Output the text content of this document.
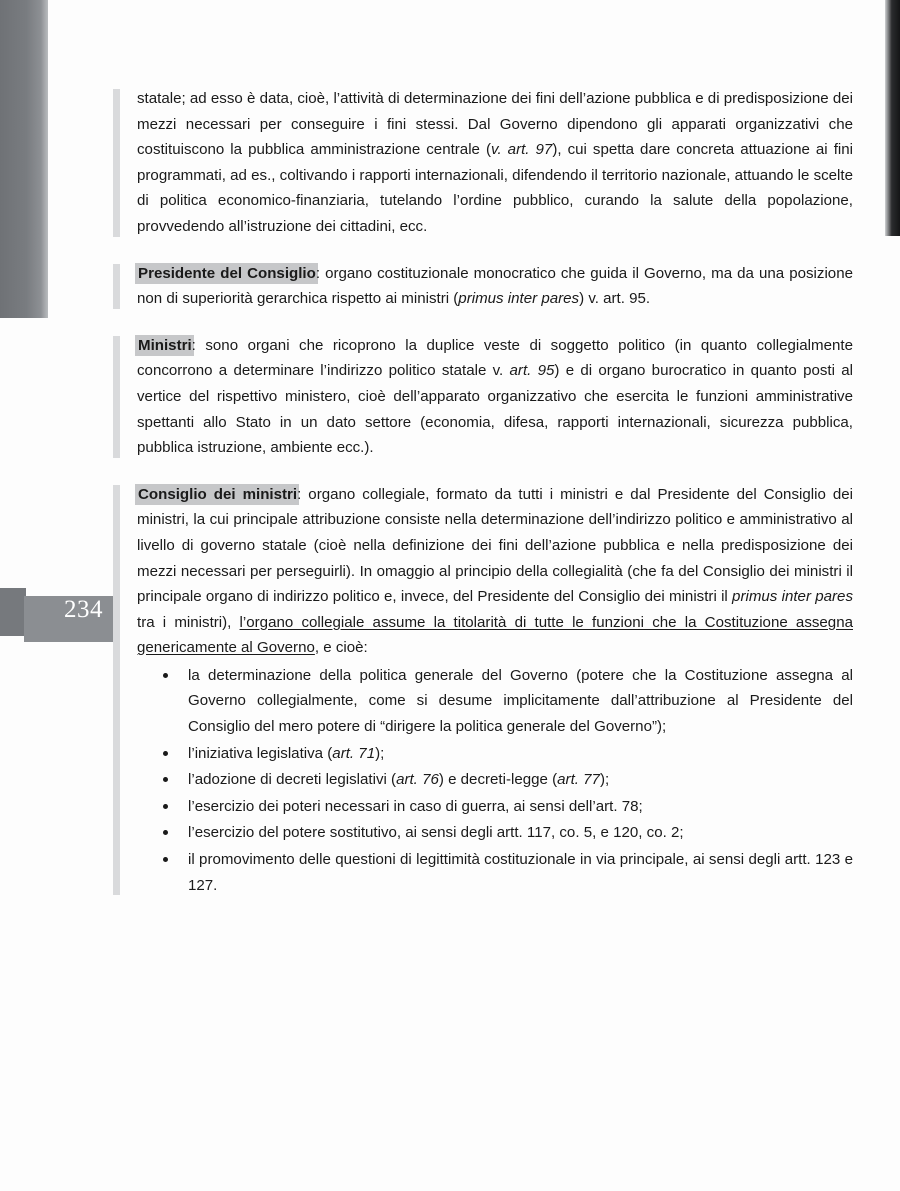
234
statale; ad esso è data, cioè, l’attività di determinazione dei fini dell’azione pubblica e di predisposizione dei mezzi necessari per conseguire i fini stessi. Dal Governo dipendono gli apparati organizzativi che costituiscono la pubblica amministrazione centrale (v. art. 97), cui spetta dare concreta attuazione ai fini programmati, ad es., coltivando i rapporti internazionali, difendendo il territorio nazionale, attuando le scelte di politica economico-finanziaria, tutelando l’ordine pubblico, curando la salute della popolazione, provvedendo all’istruzione dei cittadini, ecc.
Presidente del Consiglio: organo costituzionale monocratico che guida il Governo, ma da una posizione non di superiorità gerarchica rispetto ai ministri (primus inter pares) v. art. 95.
Ministri: sono organi che ricoprono la duplice veste di soggetto politico (in quanto collegialmente concorrono a determinare l’indirizzo politico statale v. art. 95) e di organo burocratico in quanto posti al vertice del rispettivo ministero, cioè dell’apparato organizzativo che esercita le funzioni amministrative spettanti allo Stato in un dato settore (economia, difesa, rapporti internazionali, sicurezza pubblica, pubblica istruzione, ambiente ecc.).
Consiglio dei ministri: organo collegiale, formato da tutti i ministri e dal Presidente del Consiglio dei ministri, la cui principale attribuzione consiste nella determinazione dell’indirizzo politico e amministrativo al livello di governo statale (cioè nella definizione dei fini dell’azione pubblica e nella predisposizione dei mezzi necessari per perseguirli). In omaggio al principio della collegialità (che fa del Consiglio dei ministri il principale organo di indirizzo politico e, invece, del Presidente del Consiglio dei ministri il primus inter pares tra i ministri), l’organo collegiale assume la titolarità di tutte le funzioni che la Costituzione assegna genericamente al Governo, e cioè:
la determinazione della politica generale del Governo (potere che la Costituzione assegna al Governo collegialmente, come si desume implicitamente dall’attribuzione al Presidente del Consiglio del mero potere di “dirigere la politica generale del Governo”);
l’iniziativa legislativa (art. 71);
l’adozione di decreti legislativi (art. 76) e decreti-legge (art. 77);
l’esercizio dei poteri necessari in caso di guerra, ai sensi dell’art. 78;
l’esercizio del potere sostitutivo, ai sensi degli artt. 117, co. 5, e 120, co. 2;
il promovimento delle questioni di legittimità costituzionale in via principale, ai sensi degli artt. 123 e 127.
